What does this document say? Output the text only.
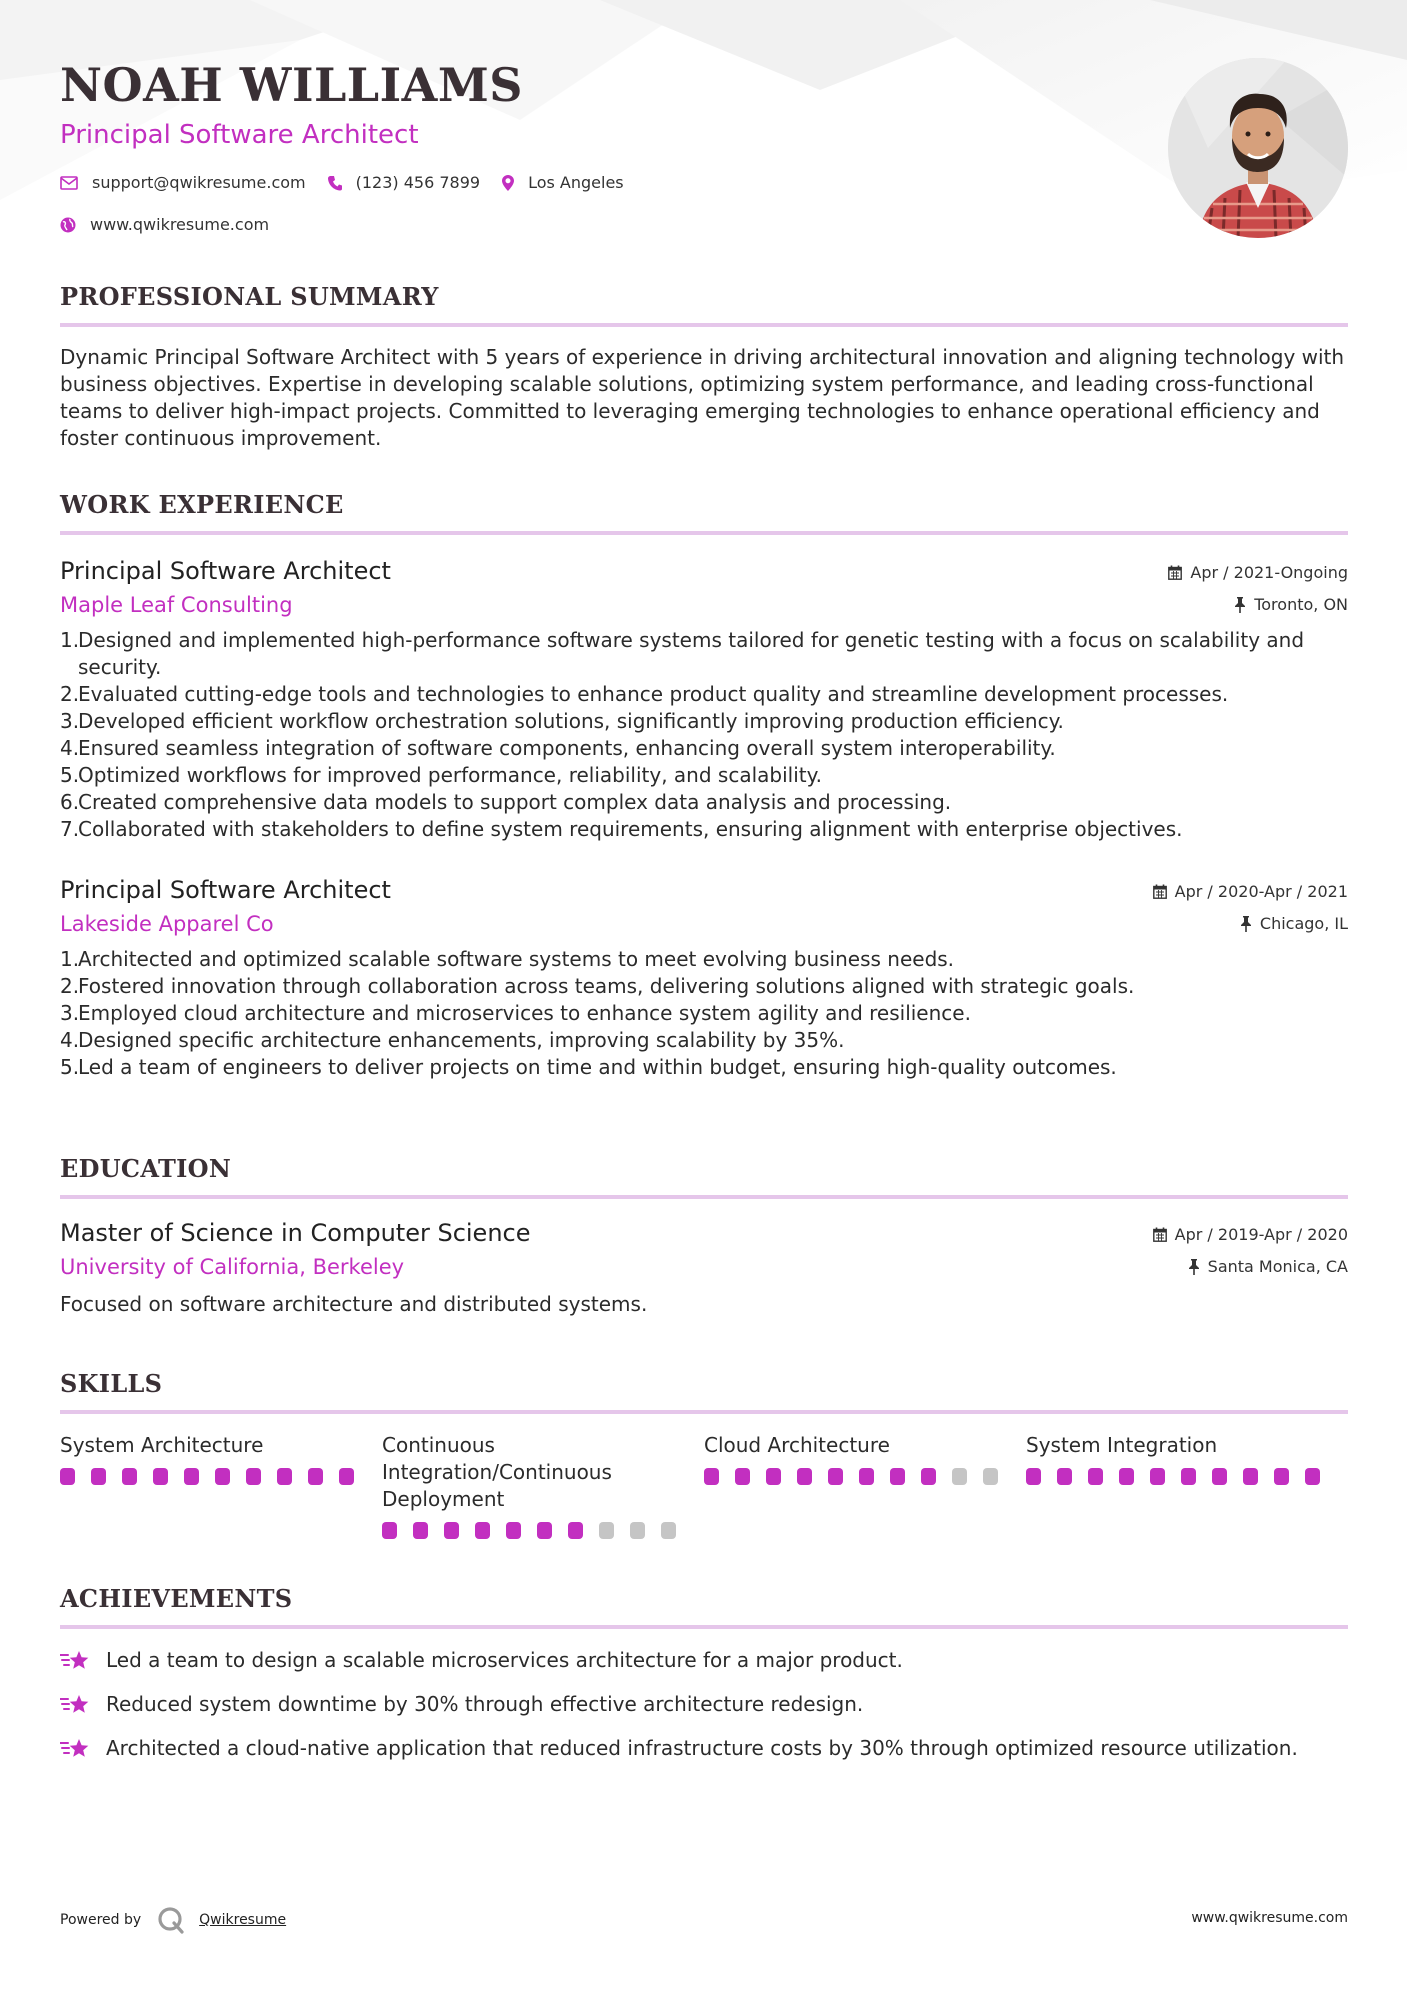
NOAH WILLIAMS
Principal Software Architect
support@qwikresume.com	(123) 456 7899	Los Angeles
www.qwikresume.com
PROFESSIONAL SUMMARY
Dynamic Principal Software Architect with 5 years of experience in driving architectural innovation and aligning technology with business objectives. Expertise in developing scalable solutions, optimizing system performance, and leading cross-functional teams to deliver high-impact projects. Committed to leveraging emerging technologies to enhance operational efficiency and foster continuous improvement.
WORK EXPERIENCE
Principal Software Architect
Maple Leaf Consulting
Apr / 2021-Ongoing
Toronto, ON
1.
Designed and implemented high-performance software systems tailored for genetic testing with a focus on scalability and security.
2.
Evaluated cutting-edge tools and technologies to enhance product quality and streamline development processes.
3.
Developed efficient workflow orchestration solutions, significantly improving production efficiency.
4.
Ensured seamless integration of software components, enhancing overall system interoperability.
5.
Optimized workflows for improved performance, reliability, and scalability.
6.
Created comprehensive data models to support complex data analysis and processing.
7.
Collaborated with stakeholders to define system requirements, ensuring alignment with enterprise objectives.
Principal Software Architect
Lakeside Apparel Co
Apr / 2020-Apr / 2021
Chicago, IL
1.
Architected and optimized scalable software systems to meet evolving business needs.
2.
Fostered innovation through collaboration across teams, delivering solutions aligned with strategic goals.
3.
Employed cloud architecture and microservices to enhance system agility and resilience.
4.
Designed specific architecture enhancements, improving scalability by 35%.
5.
Led a team of engineers to deliver projects on time and within budget, ensuring high-quality outcomes.
EDUCATION
Master of Science in Computer Science
University of California, Berkeley
Apr / 2019-Apr / 2020
Santa Monica, CA
Focused on software architecture and distributed systems.
SKILLS
System Architecture	Continuous Integration/Continuous Deployment
Cloud Architecture	System Integration
ACHIEVEMENTS
Led a team to design a scalable microservices architecture for a major product.
Reduced system downtime by 30% through effective architecture redesign.
Architected a cloud-native application that reduced infrastructure costs by 30% through optimized resource utilization.
Powered by	Qwikresume	www.qwikresume.com
